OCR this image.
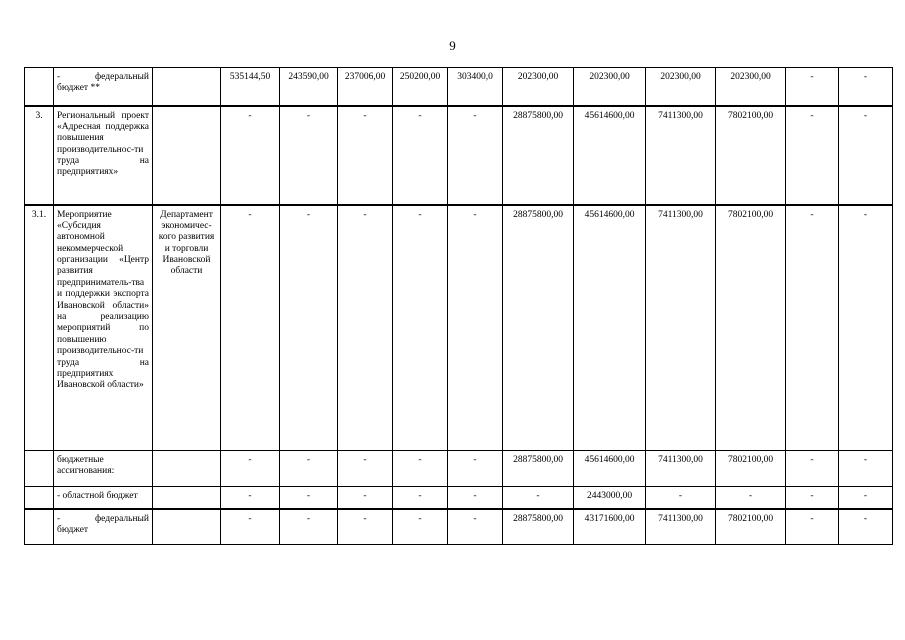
9
	- федеральный бюджет **		535144,50	243590,00	237006,00	250200,00	303400,0	202300,00	202300,00	202300,00	202300,00	-	-
3.	Региональный проект «Адресная поддержка повышения производительнос-ти труда на предприятиях»		-	-	-	-	-	28875800,00	45614600,00	7411300,00	7802100,00	-	-
3.1.	Мероприятие «Субсидия автономной некоммерческой организации «Центр развития предприниматель-тва и поддержки экспорта Ивановской области» на реализацию мероприятий по повышению производительнос-ти труда на предприятиях Ивановской области»	Департамент экономичес-кого развития и торговли Ивановской области	-	-	-	-	-	28875800,00	45614600,00	7411300,00	7802100,00	-	-
	бюджетные ассигнования:		-	-	-	-	-	28875800,00	45614600,00	7411300,00	7802100,00	-	-
	- областной бюджет		-	-	-	-	-	-	2443000,00	-	-	-	-
	- федеральный бюджет		-	-	-	-	-	28875800,00	43171600,00	7411300,00	7802100,00	-	-
